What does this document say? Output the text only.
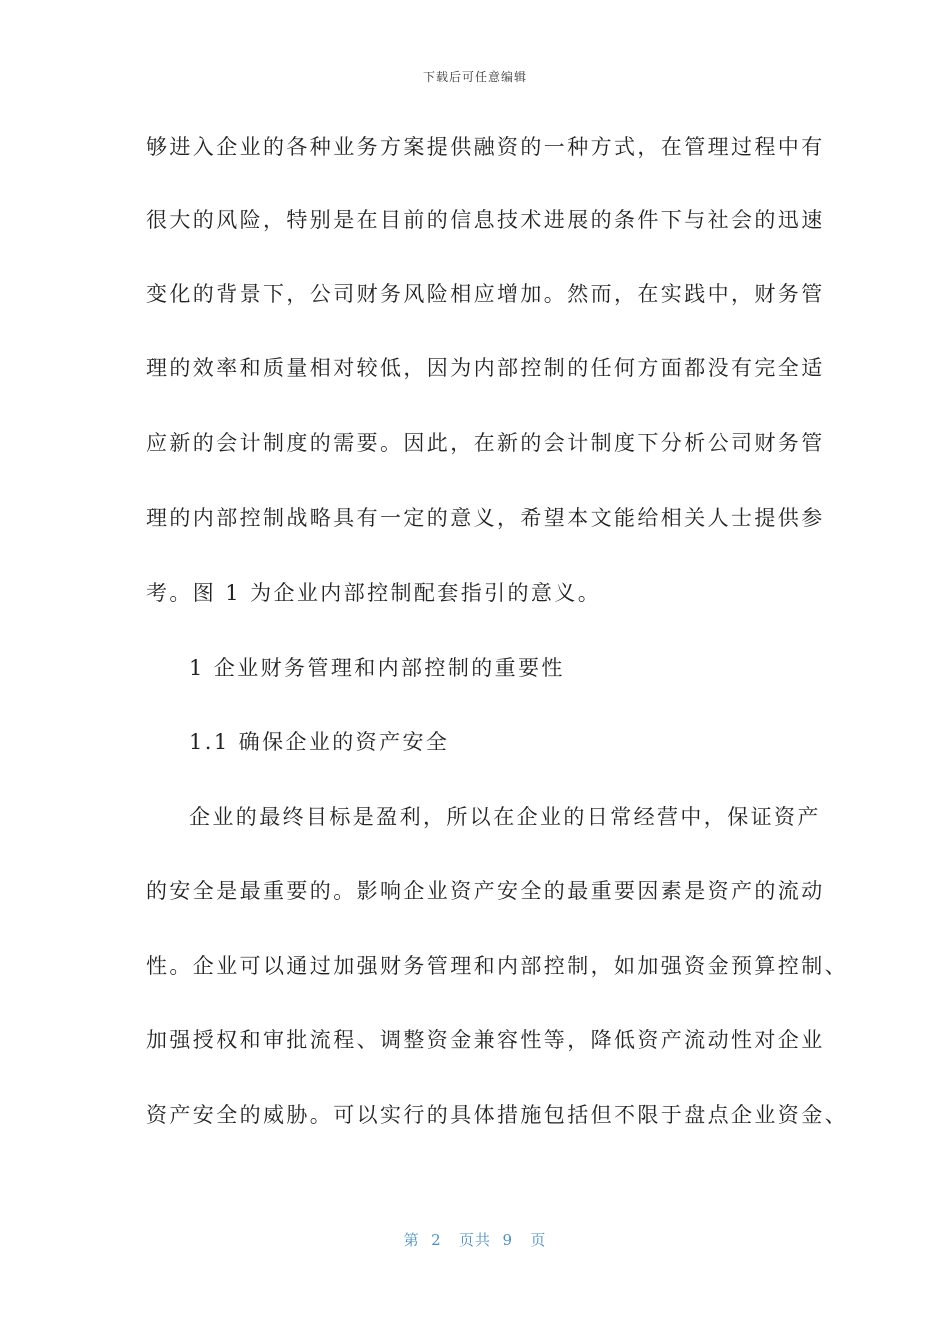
下载后可任意编辑
够进入企业的各种业务方案提供融资的一种方式，在管理过程中有
很大的风险，特别是在目前的信息技术进展的条件下与社会的迅速
变化的背景下，公司财务风险相应增加。然而，在实践中，财务管
理的效率和质量相对较低，因为内部控制的任何方面都没有完全适
应新的会计制度的需要。因此，在新的会计制度下分析公司财务管
理的内部控制战略具有一定的意义，希望本文能给相关人士提供参
考。图 1 为企业内部控制配套指引的意义。
1 企业财务管理和内部控制的重要性
1.1 确保企业的资产安全
企业的最终目标是盈利，所以在企业的日常经营中，保证资产
的安全是最重要的。影响企业资产安全的最重要因素是资产的流动
性。企业可以通过加强财务管理和内部控制，如加强资金预算控制、
加强授权和审批流程、调整资金兼容性等，降低资产流动性对企业
资产安全的威胁。可以实行的具体措施包括但不限于盘点企业资金、
第  2   页共  9   页
